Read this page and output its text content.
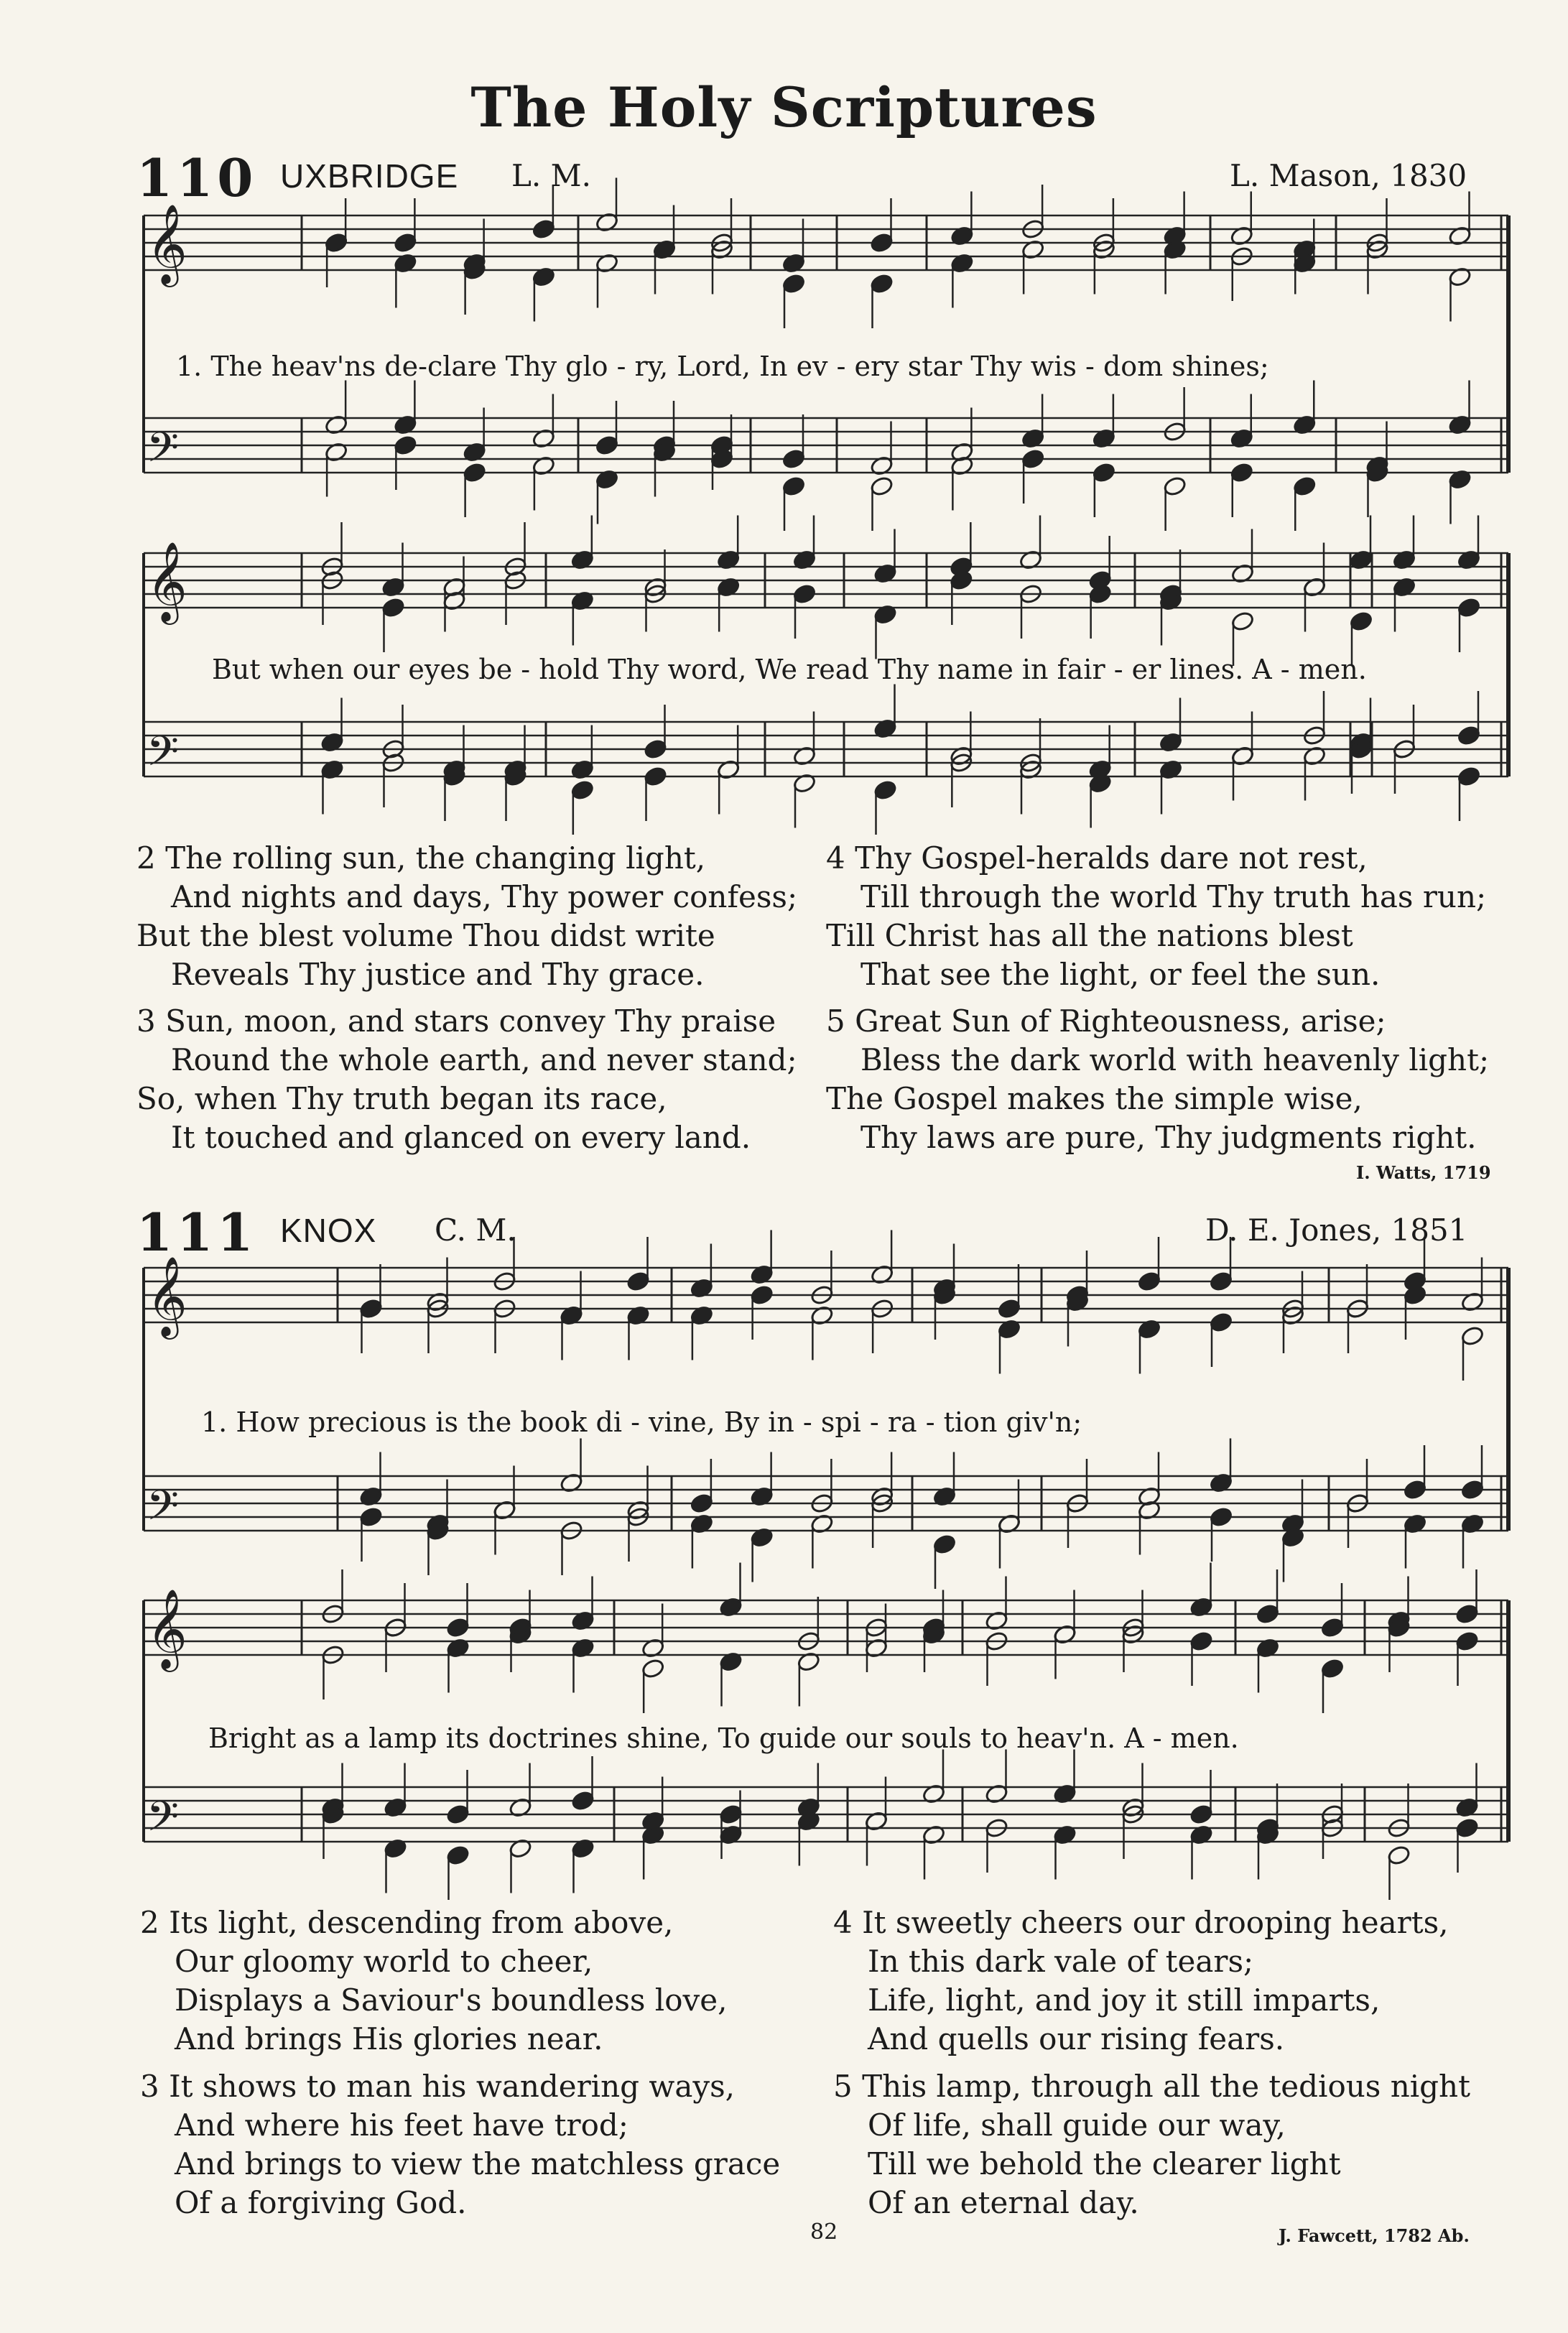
𝄞
𝄢
𝄞
𝄢
𝄞
𝄢
𝄞
𝄢
The Holy Scriptures
110 UXBRIDGE L. M.	L. Mason, 1830
1. The heav'ns de-clare Thy glo - ry, Lord, In ev - ery star Thy wis - dom shines;
But when our eyes be - hold Thy word, We read Thy name in fair - er lines. A - men.
2 The rolling sun, the changing light,
And nights and days, Thy power confess;
But the blest volume Thou didst write
Reveals Thy justice and Thy grace.
3 Sun, moon, and stars convey Thy praise
Round the whole earth, and never stand;
So, when Thy truth began its race,
It touched and glanced on every land.
4 Thy Gospel-heralds dare not rest,
Till through the world Thy truth has run;
Till Christ has all the nations blest
That see the light, or feel the sun.
5 Great Sun of Righteousness, arise;
Bless the dark world with heavenly light;
The Gospel makes the simple wise,
Thy laws are pure, Thy judgments right.
I. Watts, 1719
111 KNOX C. M.	D. E. Jones, 1851
1. How precious is the book di - vine, By in - spi - ra - tion giv'n;
Bright as a lamp its doctrines shine, To guide our souls to heav'n. A - men.
2 Its light, descending from above,
Our gloomy world to cheer,
Displays a Saviour's boundless love,
And brings His glories near.
3 It shows to man his wandering ways,
And where his feet have trod;
And brings to view the matchless grace
Of a forgiving God.
4 It sweetly cheers our drooping hearts,
In this dark vale of tears;
Life, light, and joy it still imparts,
And quells our rising fears.
5 This lamp, through all the tedious night
Of life, shall guide our way,
Till we behold the clearer light
Of an eternal day.
82	J. Fawcett, 1782 Ab.
